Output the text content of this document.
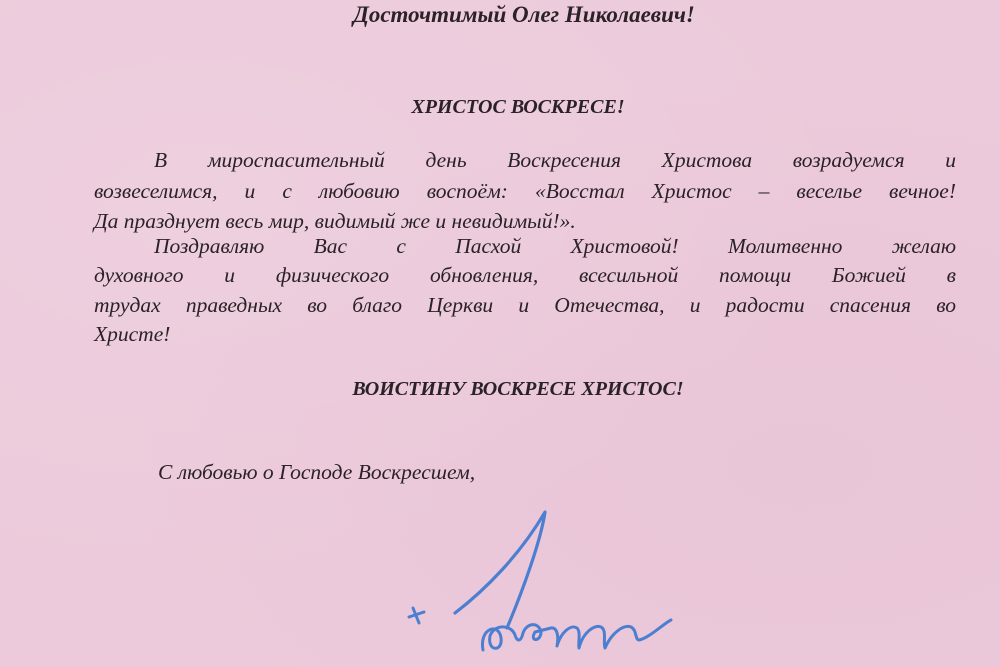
Досточтимый Олег Николаевич!

ХРИСТОС ВОСКРЕСЕ!

В мироспасительный день Воскресения Христова возрадуемся и

возвеселимся, и с любовию воспоём: «Восстал Христос – веселье вечное!

Да празднует весь мир, видимый же и невидимый!».

Поздравляю Вас с Пасхой Христовой! Молитвенно желаю

духовного и физического обновления, всесильной помощи Божией в

трудах праведных во благо Церкви и Отечества, и радости спасения во

Христе!

ВОИСТИНУ ВОСКРЕСЕ ХРИСТОС!

С любовью о Господе Воскресшем,
